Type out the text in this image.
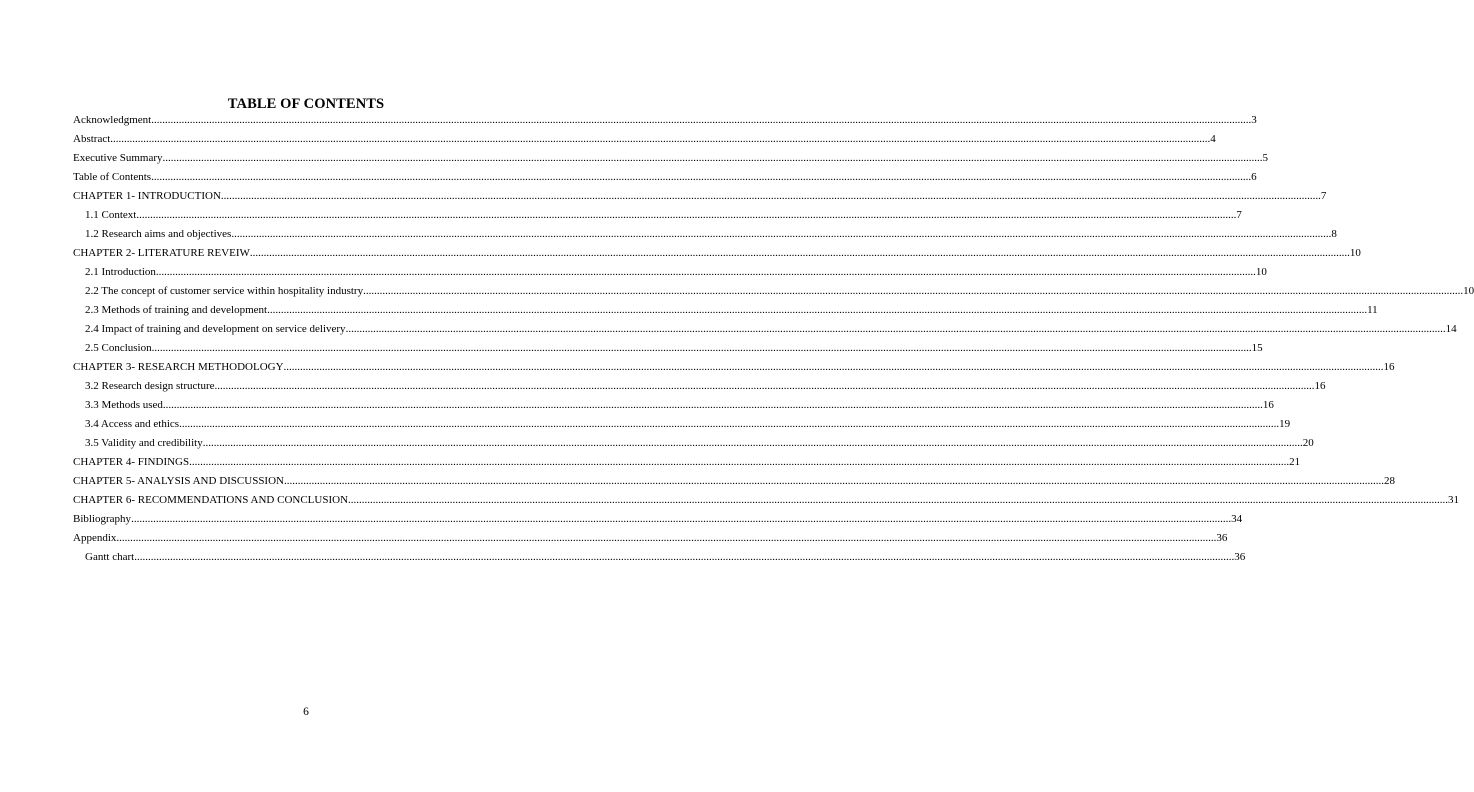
TABLE OF CONTENTS
Acknowledgment ................................................................................................................................................................................................................................................................................................................................................................................................................ 3
Abstract ................................................................................................................................................................................................................................................................................................................................................................................................................ 4
Executive Summary ................................................................................................................................................................................................................................................................................................................................................................................................................ 5
Table of Contents ................................................................................................................................................................................................................................................................................................................................................................................................................ 6
CHAPTER 1- INTRODUCTION ................................................................................................................................................................................................................................................................................................................................................................................................................ 7
1.1 Context ................................................................................................................................................................................................................................................................................................................................................................................................................ 7
1.2 Research aims and objectives ................................................................................................................................................................................................................................................................................................................................................................................................................ 8
CHAPTER 2- LITERATURE REVEIW ................................................................................................................................................................................................................................................................................................................................................................................................................ 10
2.1 Introduction ................................................................................................................................................................................................................................................................................................................................................................................................................ 10
2.2 The concept of customer service within hospitality industry ................................................................................................................................................................................................................................................................................................................................................................................................................ 10
2.3 Methods of training and development ................................................................................................................................................................................................................................................................................................................................................................................................................ 11
2.4 Impact of training and development on service delivery ................................................................................................................................................................................................................................................................................................................................................................................................................ 14
2.5 Conclusion ................................................................................................................................................................................................................................................................................................................................................................................................................ 15
CHAPTER 3- RESEARCH METHODOLOGY ................................................................................................................................................................................................................................................................................................................................................................................................................ 16
3.2 Research design structure ................................................................................................................................................................................................................................................................................................................................................................................................................ 16
3.3 Methods used ................................................................................................................................................................................................................................................................................................................................................................................................................ 16
3.4 Access and ethics ................................................................................................................................................................................................................................................................................................................................................................................................................ 19
3.5 Validity and credibility ................................................................................................................................................................................................................................................................................................................................................................................................................ 20
CHAPTER 4- FINDINGS ................................................................................................................................................................................................................................................................................................................................................................................................................ 21
CHAPTER 5- ANALYSIS AND DISCUSSION ................................................................................................................................................................................................................................................................................................................................................................................................................ 28
CHAPTER 6- RECOMMENDATIONS AND CONCLUSION ................................................................................................................................................................................................................................................................................................................................................................................................................ 31
Bibliography ................................................................................................................................................................................................................................................................................................................................................................................................................ 34
Appendix ................................................................................................................................................................................................................................................................................................................................................................................................................ 36
Gantt chart ................................................................................................................................................................................................................................................................................................................................................................................................................ 36
6
